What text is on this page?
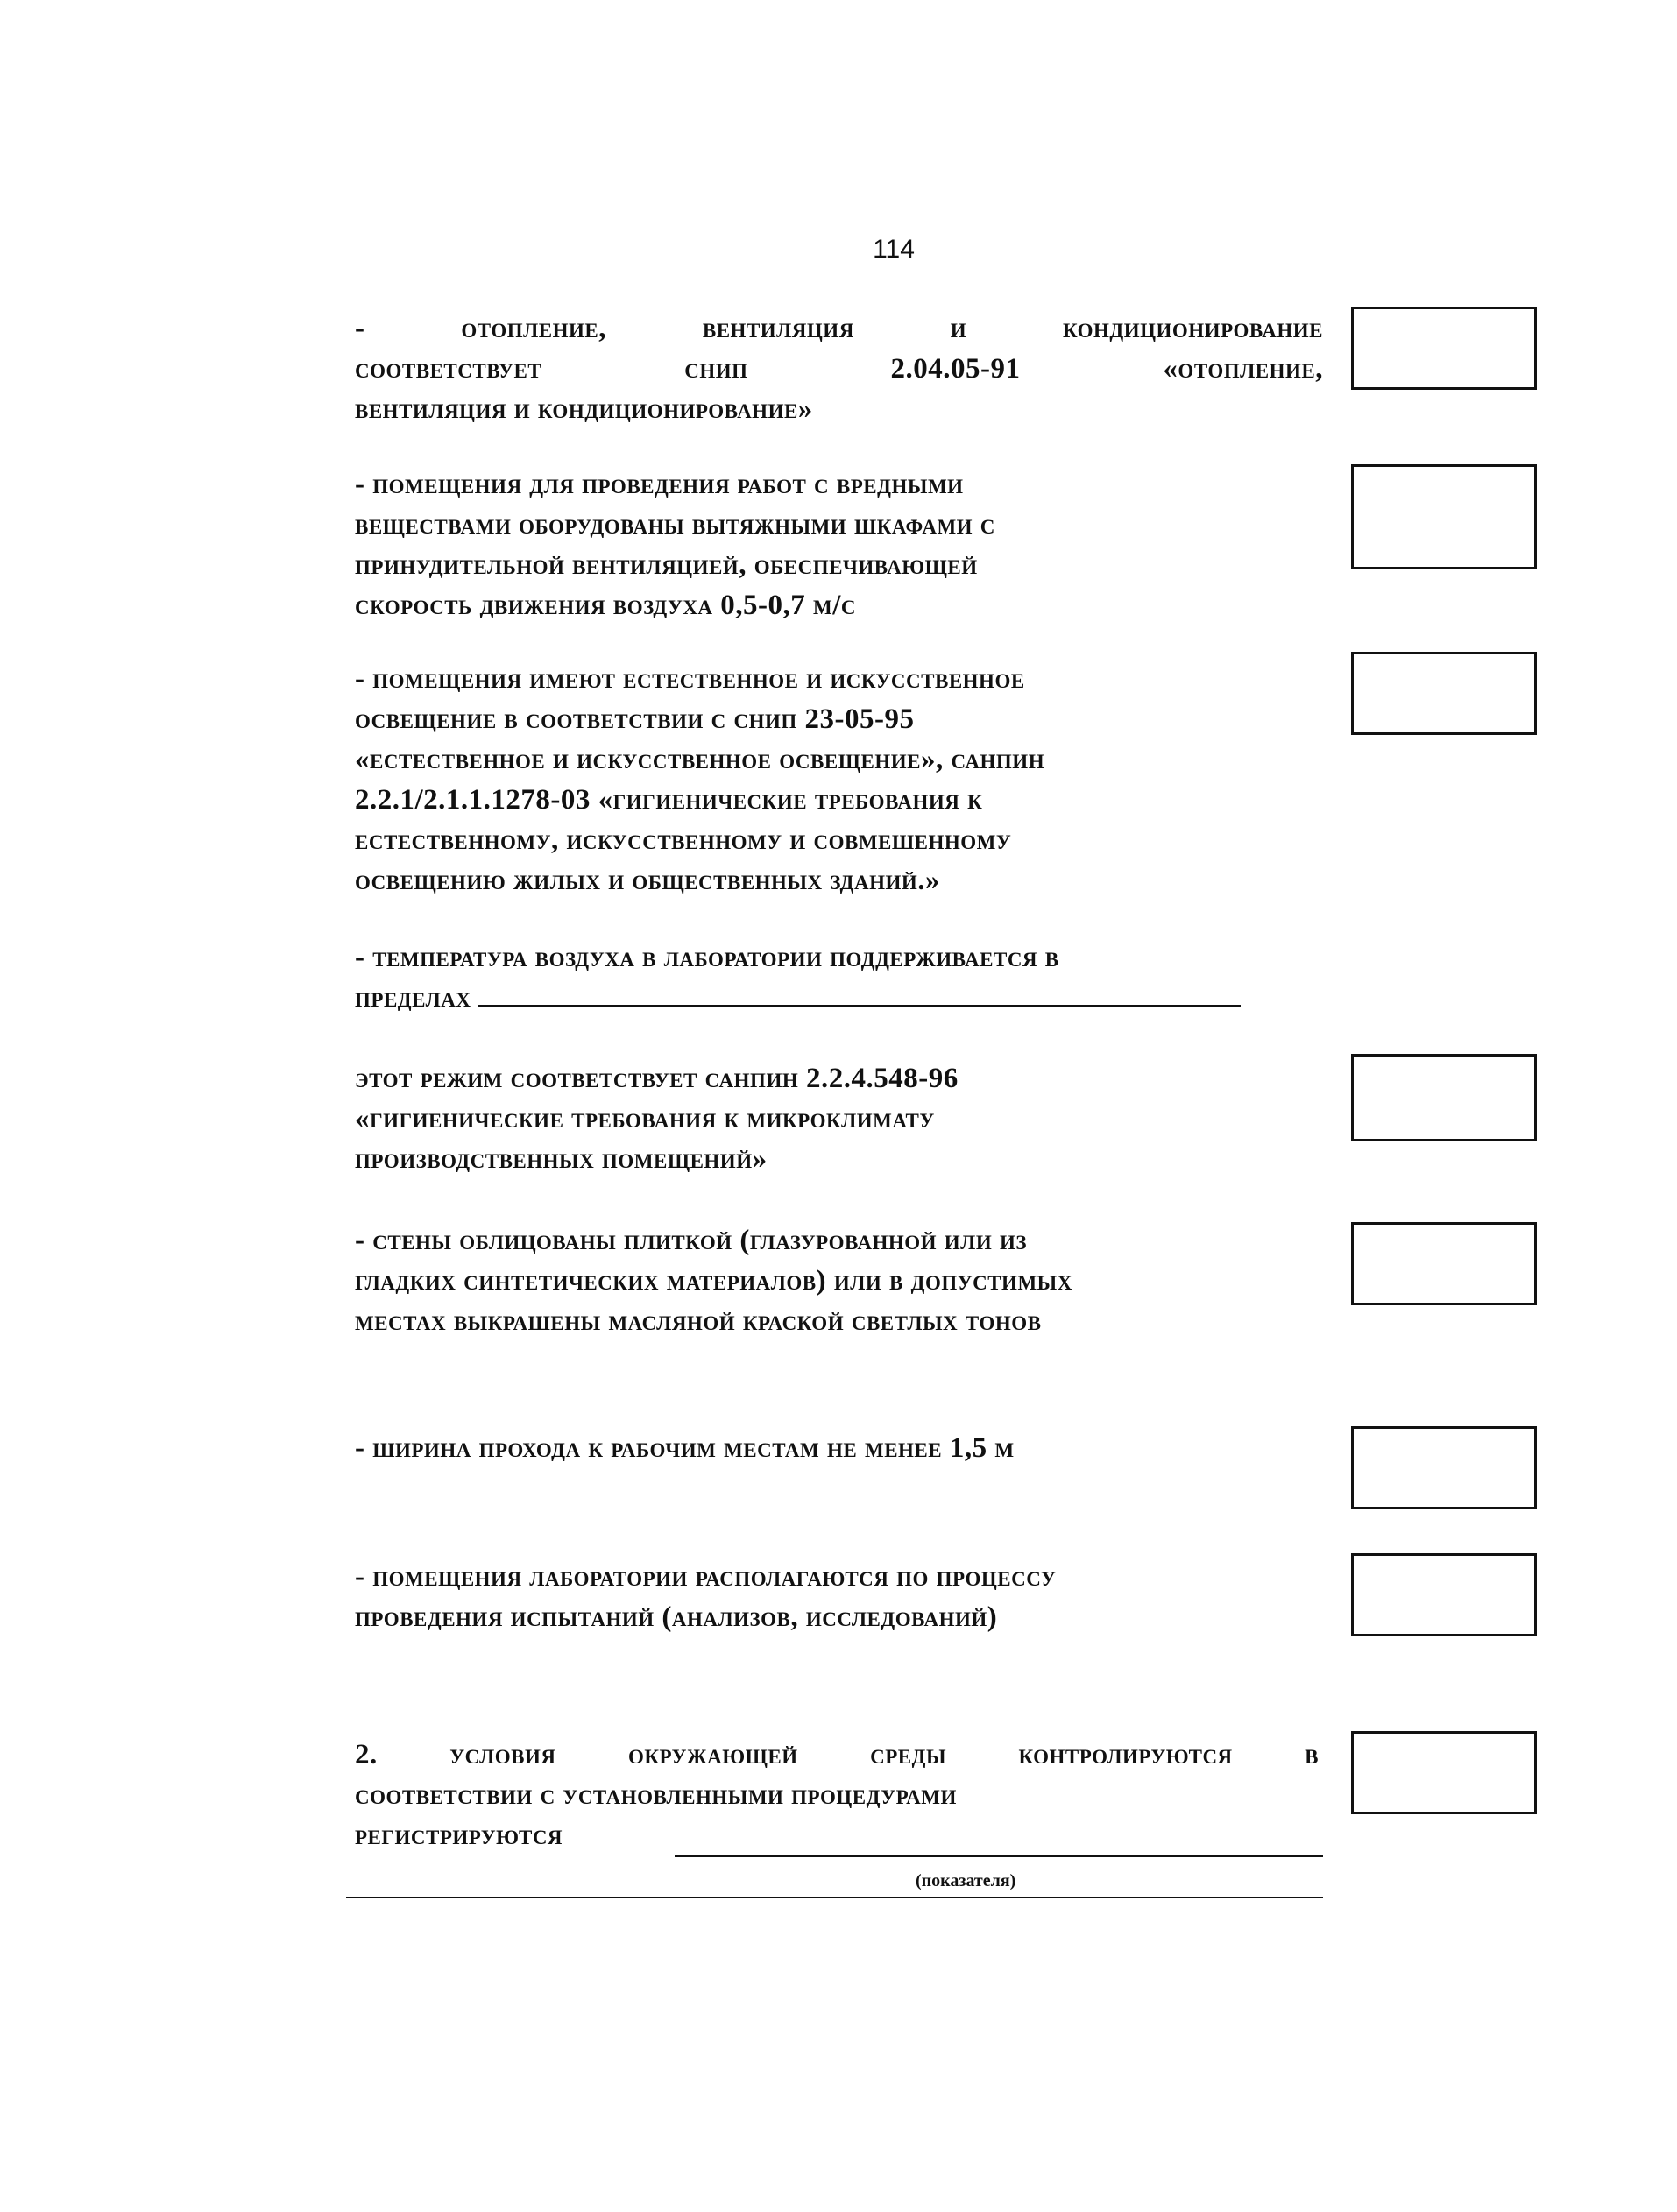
114
- отопление, вентиляция и кондиционирование
соответствует снип 2.04.05-91 «отопление,
вентиляция и кондиционирование»
- помещения для проведения работ с вредными
веществами оборудованы вытяжными шкафами с
принудительной вентиляцией, обеспечивающей
скорость движения воздуха 0,5-0,7 м/с
- помещения имеют естественное и искусственное
освещение в соответствии с снип 23-05-95
«естественное и искусственное освещение», санпин
2.2.1/2.1.1.1278-03 «гигиенические требования к
естественному, искусственному и совмешенному
освещению жилых и общественных зданий.»
- температура воздуха в лаборатории поддерживается в
пределах
этот режим соответствует санпин 2.2.4.548-96
«гигиенические требования к микроклимату
производственных помещений»
- стены облицованы плиткой (глазурованной или из
гладких синтетических материалов) или в допустимых
местах выкрашены масляной краской светлых тонов
- ширина прохода к рабочим местам не менее 1,5 м
- помещения лаборатории располагаются по процессу
проведения испытаний (анализов, исследований)
2. условия окружающей среды контролируются в
соответствии с установленными процедурами
регистрируются
(показателя)
